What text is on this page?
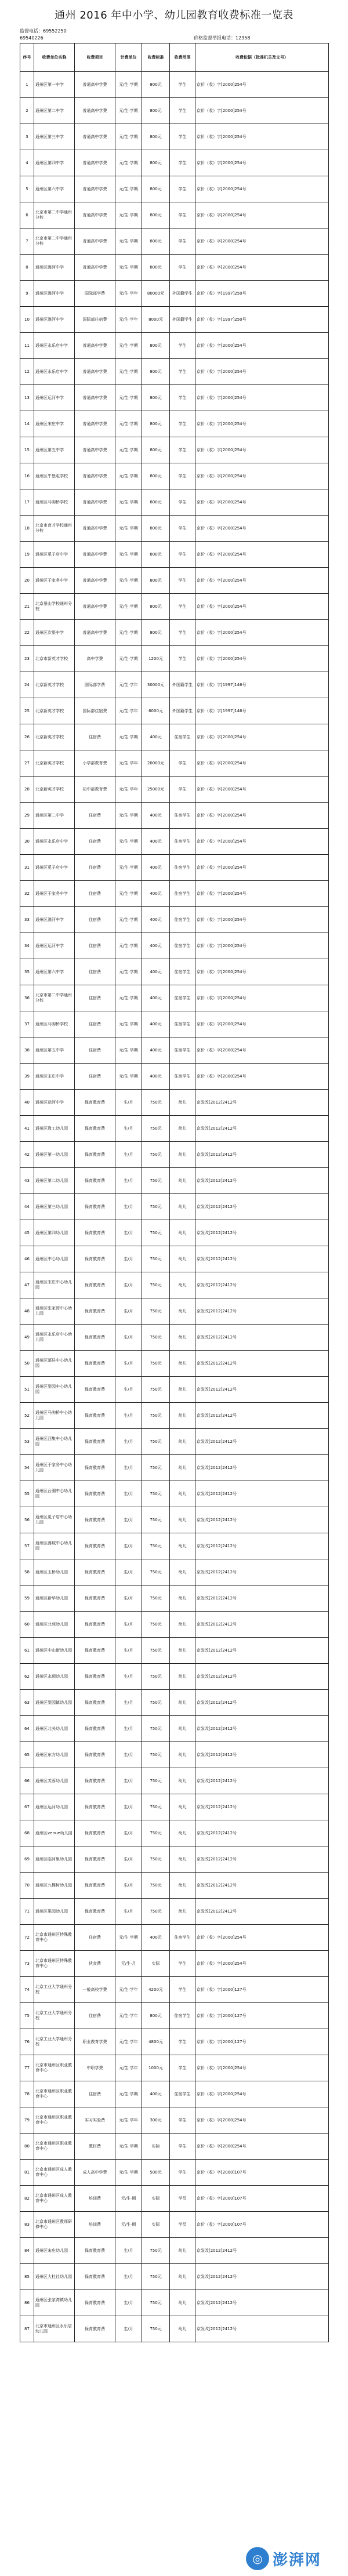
通州 2016 年中小学、幼儿园教育收费标准一览表
监督电话：69552250
69540226	价格监督举报电话：12358
序号	收费单位名称	收费项目	计费单位	收费标准	收费范围	收费依据（批准机关及文号）
1	通州区第一中学	普通高中学费	元/生·学期	800元	学生	京价（收）字[2000]254号
2	通州区第二中学	普通高中学费	元/生·学期	800元	学生	京价（收）字[2000]254号
3	通州区第三中学	普通高中学费	元/生·学期	800元	学生	京价（收）字[2000]254号
4	通州区第四中学	普通高中学费	元/生·学期	800元	学生	京价（收）字[2000]254号
5	通州区第六中学	普通高中学费	元/生·学期	800元	学生	京价（收）字[2000]254号
6	北京市第二中学通州分校	普通高中学费	元/生·学期	800元	学生	京价（收）字[2000]254号
7	北京市第二中学通州分校	普通高中学费	元/生·学期	800元	学生	京价（收）字[2000]254号
8	通州区潞河中学	普通高中学费	元/生·学期	800元	学生	京价（收）字[2000]254号
9	通州区潞河中学	国际部学费	元/生·学年	80000元	外国籍学生	京价（收）字[1997]250号
10	通州区潞河中学	国际部住宿费	元/生·学年	8000元	外国籍学生	京价（收）字[1997]250号
11	通州区永乐店中学	普通高中学费	元/生·学期	800元	学生	京价（收）字[2000]254号
12	通州区永乐店中学	普通高中学费	元/生·学期	800元	学生	京价（收）字[2000]254号
13	通州区运河中学	普通高中学费	元/生·学期	800元	学生	京价（收）字[2000]254号
14	通州区宋庄中学	普通高中学费	元/生·学期	800元	学生	京价（收）字[2000]254号
15	通州区第五中学	普通高中学费	元/生·学期	800元	学生	京价（收）字[2000]254号
16	通州区牛堡屯学校	普通高中学费	元/生·学期	800元	学生	京价（收）字[2000]254号
17	通州区马驹桥学校	普通高中学费	元/生·学期	800元	学生	京价（收）字[2000]254号
18	北京市育才学校通州分校	普通高中学费	元/生·学期	800元	学生	京价（收）字[2000]254号
19	通州区觅子店中学	普通高中学费	元/生·学期	800元	学生	京价（收）字[2000]254号
20	通州区于家务中学	普通高中学费	元/生·学期	800元	学生	京价（收）字[2000]254号
21	北京景山学校通州分校	普通高中学费	元/生·学期	800元	学生	京价（收）字[2000]254号
22	通州区次渠中学	普通高中学费	元/生·学期	800元	学生	京价（收）字[2000]254号
23	北京市新英才学校	高中学费	元/生·学期	1200元	学生	京价（收）字[2000]254号
24	北京新英才学校	国际部学费	元/生·学年	30000元	外国籍学生	京价（收）字[1997]146号
25	北京新英才学校	国际部住宿费	元/生·学年	6000元	外国籍学生	京价（收）字[1997]146号
26	北京新英才学校	住宿费	元/生·学期	400元	住宿学生	京价（收）字[2000]254号
27	北京新英才学校	小学部教育费	元/生·学年	20000元	学生	京价（收）字[2000]254号
28	北京新英才学校	初中部教育费	元/生·学年	25000元	学生	京价（收）字[2000]254号
29	通州区第二中学	住宿费	元/生·学期	400元	住宿学生	京价（收）字[2000]254号
30	通州区永乐店中学	住宿费	元/生·学期	400元	住宿学生	京价（收）字[2000]254号
31	通州区觅子店中学	住宿费	元/生·学期	400元	住宿学生	京价（收）字[2000]254号
32	通州区于家务中学	住宿费	元/生·学期	400元	住宿学生	京价（收）字[2000]254号
33	通州区潞河中学	住宿费	元/生·学期	400元	住宿学生	京价（收）字[2000]254号
34	通州区运河中学	住宿费	元/生·学期	400元	住宿学生	京价（收）字[2000]254号
35	通州区第六中学	住宿费	元/生·学期	400元	住宿学生	京价（收）字[2000]254号
36	北京市第二中学通州分校	住宿费	元/生·学期	400元	住宿学生	京价（收）字[2000]254号
37	通州区马驹桥学校	住宿费	元/生·学期	400元	住宿学生	京价（收）字[2000]254号
38	通州区第五中学	住宿费	元/生·学期	400元	住宿学生	京价（收）字[2000]254号
39	通州区宋庄中学	住宿费	元/生·学期	400元	住宿学生	京价（收）字[2000]254号
40	通州区运河中学	保育教育费	生/月	750元	幼儿	京发改[2012]2412号
41	通州区教工幼儿园	保育教育费	生/月	750元	幼儿	京发改[2012]2412号
42	通州区第一幼儿园	保育教育费	生/月	750元	幼儿	京发改[2012]2412号
43	通州区第二幼儿园	保育教育费	生/月	750元	幼儿	京发改[2012]2412号
44	通州区第三幼儿园	保育教育费	生/月	750元	幼儿	京发改[2012]2412号
45	通州区第四幼儿园	保育教育费	生/月	750元	幼儿	京发改[2012]2412号
46	通州区中心幼儿园	保育教育费	生/月	750元	幼儿	京发改[2012]2412号
47	通州区宋庄中心幼儿园	保育教育费	生/月	750元	幼儿	京发改[2012]2412号
48	通州区张家湾中心幼儿园	保育教育费	生/月	750元	幼儿	京发改[2012]2412号
49	通州区永乐店中心幼儿园	保育教育费	生/月	750元	幼儿	京发改[2012]2412号
50	通州区漷县中心幼儿园	保育教育费	生/月	750元	幼儿	京发改[2012]2412号
51	通州区梨园中心幼儿园	保育教育费	生/月	750元	幼儿	京发改[2012]2412号
52	通州区马驹桥中心幼儿园	保育教育费	生/月	750元	幼儿	京发改[2012]2412号
53	通州区西集中心幼儿园	保育教育费	生/月	750元	幼儿	京发改[2012]2412号
54	通州区于家务中心幼儿园	保育教育费	生/月	750元	幼儿	京发改[2012]2412号
55	通州区台湖中心幼儿园	保育教育费	生/月	750元	幼儿	京发改[2012]2412号
56	通州区觅子店中心幼儿园	保育教育费	生/月	750元	幼儿	京发改[2012]2412号
57	通州区潞城中心幼儿园	保育教育费	生/月	750元	幼儿	京发改[2012]2412号
58	通州区玉桥幼儿园	保育教育费	生/月	750元	幼儿	京发改[2012]2412号
59	通州区新华幼儿园	保育教育费	生/月	750元	幼儿	京发改[2012]2412号
60	通州区北苑幼儿园	保育教育费	生/月	750元	幼儿	京发改[2012]2412号
61	通州区中山街幼儿园	保育教育费	生/月	750元	幼儿	京发改[2012]2412号
62	通州区永顺幼儿园	保育教育费	生/月	750元	幼儿	京发改[2012]2412号
63	通州区梨园镇幼儿园	保育教育费	生/月	750元	幼儿	京发改[2012]2412号
64	通州区北关幼儿园	保育教育费	生/月	750元	幼儿	京发改[2012]2412号
65	通州区东方幼儿园	保育教育费	生/月	750元	幼儿	京发改[2012]2412号
66	通州区芙蓉幼儿园	保育教育费	生/月	750元	幼儿	京发改[2012]2412号
67	通州区运河幼儿园	保育教育费	生/月	750元	幼儿	京发改[2012]2412号
68	通州区venue幼儿园	保育教育费	生/月	750元	幼儿	京发改[2012]2412号
69	通州区临河里幼儿园	保育教育费	生/月	750元	幼儿	京发改[2012]2412号
70	通州区九棵树幼儿园	保育教育费	生/月	750元	幼儿	京发改[2012]2412号
71	通州区果园幼儿园	保育教育费	生/月	750元	幼儿	京发改[2012]2412号
72	北京市通州区特殊教育中心	住宿费	元/生·学期	400元	住宿学生	京价（收）字[2000]254号
73	北京市通州区特殊教育中心	伙食费	元/生·月	实际	学生	京价（收）字[2000]254号
74	北京工业大学通州分校	一般高校学费	元/生·学年	4200元	学生	京价（收）字[2000]127号
75	北京工业大学通州分校	住宿费	元/生·学年	800元	住宿学生	京价（收）字[2000]127号
76	北京工业大学通州分校	职业教育学费	元/生·学年	4800元	学生	京价（收）字[2000]127号
77	北京市通州区职业教育中心	中职学费	元/生·学年	1000元	学生	京价（收）字[2000]254号
78	北京市通州区职业教育中心	住宿费	元/生·学期	400元	住宿学生	京价（收）字[2000]254号
79	北京市通州区职业教育中心	实习实验费	元/生·学年	300元	学生	京价（收）字[2000]254号
80	北京市通州区职业教育中心	教材费	元/生·学期	实际	学生	京价（收）字[2000]254号
81	北京市通州区成人教育中心	成人高中学费	元/生·学期	500元	学生	京价（收）字[2000]107号
82	北京市通州区成人教育中心	培训费	元/生·期	实际	学员	京价（收）字[2000]107号
83	北京市通州区教师研修中心	培训费	元/生·期	实际	学员	京价（收）字[2000]107号
84	通州区宋庄幼儿园	保育教育费	生/月	750元	幼儿	京发改[2012]2412号
85	通州区大杜社幼儿园	保育教育费	生/月	750元	幼儿	京发改[2012]2412号
86	通州区张家湾镇幼儿园	保育教育费	生/月	750元	幼儿	京发改[2012]2412号
87	北京市通州区永乐店幼儿园	保育教育费	生/月	750元	幼儿	京发改[2012]2412号
◎ 澎湃网
